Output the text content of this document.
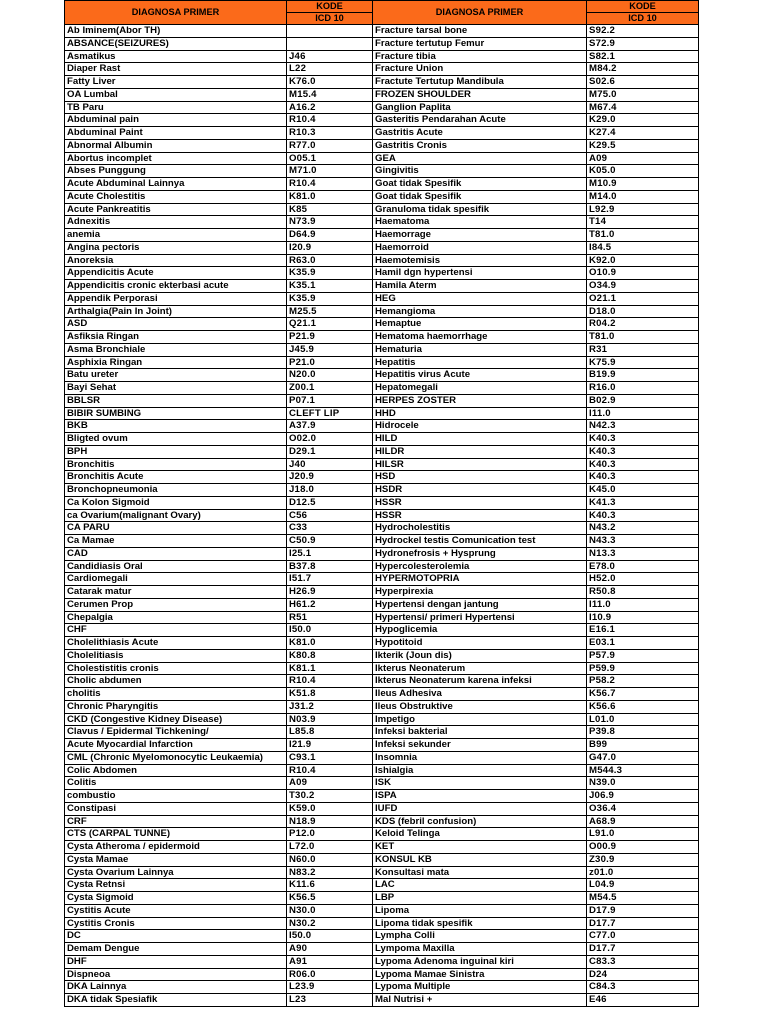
DIAGNOSA PRIMER	KODE	DIAGNOSA PRIMER	KODE
	ICD 10		ICD 10
Ab Iminem(Abor TH)		Fracture tarsal bone	S92.2
ABSANCE(SEIZURES)		Fracture tertutup Femur	S72.9
Asmatikus	J46	Fracture tibia	S82.1
Diaper Rast	L22	Fracture Union	M84.2
Fatty Liver	K76.0	Fractute Tertutup Mandibula	S02.6
OA Lumbal	M15.4	FROZEN SHOULDER	M75.0
TB Paru	A16.2	Ganglion Paplita	M67.4
Abduminal pain	R10.4	Gasteritis Pendarahan Acute	K29.0
Abduminal Paint	R10.3	Gastritis Acute	K27.4
Abnormal Albumin	R77.0	Gastritis Cronis	K29.5
Abortus incomplet	O05.1	GEA	A09
Abses Punggung	M71.0	Gingivitis	K05.0
Acute Abduminal Lainnya	R10.4	Goat tidak Spesifik	M10.9
Acute Cholestitis	K81.0	Goat tidak Spesifik	M14.0
Acute Pankreatitis	K85	Granuloma tidak spesifik	L92.9
Adnexitis	N73.9	Haematoma	T14
anemia	D64.9	Haemorrage	T81.0
Angina pectoris	I20.9	Haemorroid	I84.5
Anoreksia	R63.0	Haemotemisis	K92.0
Appendicitis Acute	K35.9	Hamil dgn hypertensi	O10.9
Appendicitis cronic ekterbasi acute	K35.1	Hamila Aterm	O34.9
Appendik Perporasi	K35.9	HEG	O21.1
Arthalgia(Pain In Joint)	M25.5	Hemangioma	D18.0
ASD	Q21.1	Hemaptue	R04.2
Asfiksia Ringan	P21.9	Hematoma haemorrhage	T81.0
Asma Bronchiale	J45.9	Hematuria	R31
Asphixia Ringan	P21.0	Hepatitis	K75.9
Batu ureter	N20.0	Hepatitis virus Acute	B19.9
Bayi Sehat	Z00.1	Hepatomegali	R16.0
BBLSR	P07.1	HERPES ZOSTER	B02.9
BIBIR SUMBING	CLEFT LIP	HHD	I11.0
BKB	A37.9	Hidrocele	N42.3
Bligted ovum	O02.0	HILD	K40.3
BPH	D29.1	HILDR	K40.3
Bronchitis	J40	HILSR	K40.3
Bronchitis Acute	J20.9	HSD	K40.3
Bronchopneumonia	J18.0	HSDR	K45.0
Ca Kolon Sigmoid	D12.5	HSSR	K41.3
ca Ovarium(malignant Ovary)	C56	HSSR	K40.3
CA PARU	C33	Hydrocholestitis	N43.2
Ca Mamae	C50.9	Hydrockel testis Comunication test	N43.3
CAD	I25.1	Hydronefrosis + Hysprung	N13.3
Candidiasis Oral	B37.8	Hypercolesterolemia	E78.0
Cardiomegali	I51.7	HYPERMOTOPRIA	H52.0
Catarak matur	H26.9	Hyperpirexia	R50.8
Cerumen Prop	H61.2	Hypertensi dengan jantung	I11.0
Chepalgia	R51	Hypertensi/ primeri Hypertensi	I10.9
CHF	I50.0	Hypoglicemia	E16.1
Cholelithiasis Acute	K81.0	Hypotitoid	E03.1
Cholelitiasis	K80.8	Ikterik (Joun dis)	P57.9
Cholestistitis cronis	K81.1	Ikterus Neonaterum	P59.9
Cholic abdumen	R10.4	Ikterus Neonaterum karena infeksi	P58.2
cholitis	K51.8	Ileus Adhesiva	K56.7
Chronic Pharyngitis	J31.2	Ileus Obstruktive	K56.6
CKD (Congestive Kidney Disease)	N03.9	Impetigo	L01.0
Clavus / Epidermal Tichkening/	L85.8	Infeksi bakterial	P39.8
Acute Myocardial Infarction	I21.9	Infeksi sekunder	B99
CML (Chronic Myelomonocytic Leukaemia)	C93.1	Insomnia	G47.0
Colic Abdomen	R10.4	Ishialgia	M544.3
Colitis	A09	ISK	N39.0
combustio	T30.2	ISPA	J06.9
Constipasi	K59.0	IUFD	O36.4
CRF	N18.9	KDS (febril confusion)	A68.9
CTS (CARPAL TUNNE)	P12.0	Keloid Telinga	L91.0
Cysta Atheroma / epidermoid	L72.0	KET	O00.9
Cysta Mamae	N60.0	KONSUL KB	Z30.9
Cysta Ovarium Lainnya	N83.2	Konsultasi mata	z01.0
Cysta Retnsi	K11.6	LAC	L04.9
Cysta Sigmoid	K56.5	LBP	M54.5
Cystitis Acute	N30.0	Lipoma	D17.9
Cystitis Cronis	N30.2	Lipoma tidak spesifik	D17.7
DC	I50.0	Lympha Colli	C77.0
Demam Dengue	A90	Lympoma Maxilla	D17.7
DHF	A91	Lypoma Adenoma inguinal kiri	C83.3
Dispneoa	R06.0	Lypoma Mamae Sinistra	D24
DKA Lainnya	L23.9	Lypoma Multiple	C84.3
DKA tidak Spesiafik	L23	Mal Nutrisi +	E46
